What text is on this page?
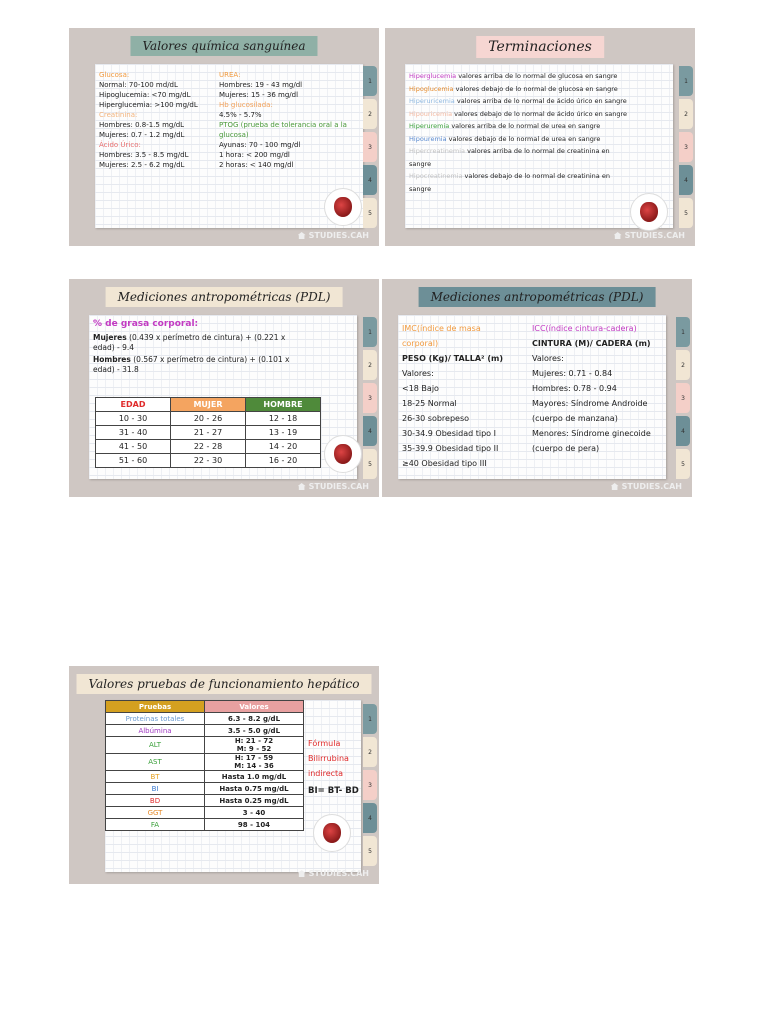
Valores química sanguínea
Glucosa:
Normal: 70-100 md/dL
Hipoglucemia: <70 mg/dL
Hiperglucemia: >100 mg/dL
Creatinina:
Hombres: 0.8-1.5 mg/dL
Mujeres: 0.7 - 1.2 mg/dL
Ácido Úrico:
Hombres: 3.5 - 8.5 mg/dL
Mujeres: 2.5 - 6.2 mg/dL
UREA:
Hombres: 19 - 43 mg/dl
Mujeres: 15 - 36 mg/dl
Hb glucosilada:
4.5% - 5.7%
PTOG (prueba de tolerancia oral a la
glucosa)
Ayunas: 70 - 100 mg/dl
1 hora: < 200 mg/dl
2 horas: < 140 mg/dl
1
2
3
4
5
STUDIES.CAH
Terminaciones
Hiperglucemia valores arriba de lo normal de glucosa en sangre
Hipoglucemia valores debajo de lo normal de glucosa en sangre
Hiperuricemia valores arriba de lo normal de ácido úrico en sangre
Hipouricemia valores debajo de lo normal de ácido úrico en sangre
Hiperuremia valores arriba de lo normal de urea en sangre
Hipouremia valores debajo de lo normal de urea en sangre
Hipercreatinemia valores arriba de lo normal de creatinina en
sangre
Hipocreatinemia valores debajo de lo normal de creatinina en
sangre
1
2
3
4
5
STUDIES.CAH
Mediciones antropométricas (PDL)
% de grasa corporal:
Mujeres (0.439 x perímetro de cintura) + (0.221 x
edad) - 9.4
Hombres (0.567 x perímetro de cintura) + (0.101 x
edad) - 31.8
EDAD	MUJER	HOMBRE
10 - 30	20 - 26	12 - 18
31 - 40	21 - 27	13 - 19
41 - 50	22 - 28	14 - 20
51 - 60	22 - 30	16 - 20
1
2
3
4
5
STUDIES.CAH
Mediciones antropométricas (PDL)
IMC(índice de masa
corporal)
PESO (Kg)/ TALLA² (m)
Valores:
<18 Bajo
18-25 Normal
26-30 sobrepeso
30-34.9 Obesidad tipo I
35-39.9 Obesidad tipo II
≥40 Obesidad tipo III
ICC(índice cintura-cadera)
CINTURA (M)/ CADERA (m)
Valores:
Mujeres: 0.71 - 0.84
Hombres: 0.78 - 0.94
Mayores: Síndrome Androide
(cuerpo de manzana)
Menores: Síndrome ginecoide
(cuerpo de pera)
1
2
3
4
5
STUDIES.CAH
Valores pruebas de funcionamiento hepático
Pruebas	Valores
Proteínas totales	6.3 - 8.2 g/dL

Albúmina	3.5 - 5.0 g/dL

ALT	H: 21 - 72
M: 9 - 52

AST	H: 17 - 59
M: 14 - 36

BT	Hasta 1.0 mg/dL

BI	Hasta 0.75 mg/dL

BD	Hasta 0.25 mg/dL

GGT	3 - 40

FA	98 - 104
Fórmula
Bilirrubina
indirecta
BI= BT- BD
1
2
3
4
5
STUDIES.CAH
